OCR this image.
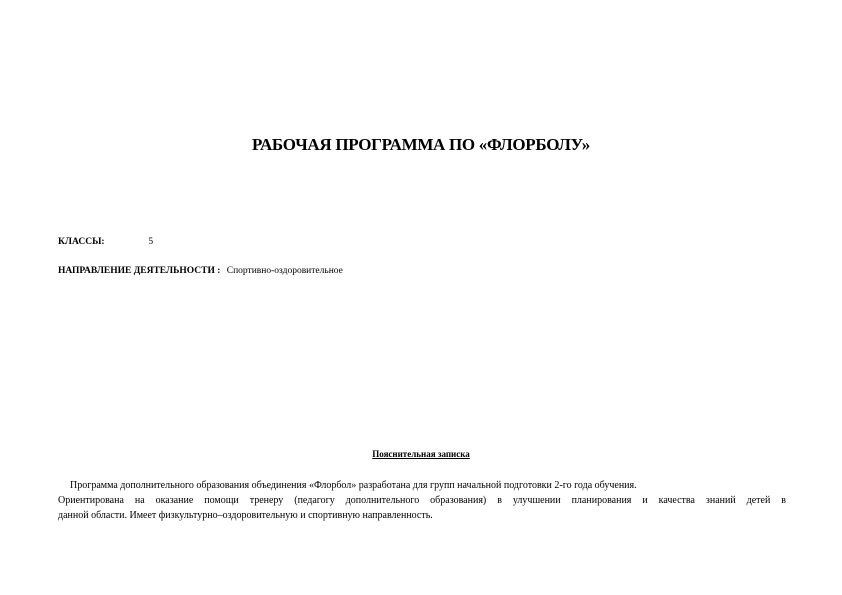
РАБОЧАЯ ПРОГРАММА ПО «ФЛОРБОЛУ»
КЛАССЫ:	5
НАПРАВЛЕНИЕ ДЕЯТЕЛЬНОСТИ : Спортивно-оздоровительное
Пояснительная записка
Программа дополнительного образования объединения «Флорбол» разработана для групп начальной подготовки 2-го года обучения.
Ориентирована на оказание помощи тренеру (педагогу дополнительного образования) в улучшении планирования и качества знаний детей в
данной области. Имеет физкультурно–оздоровительную и спортивную направленность.
